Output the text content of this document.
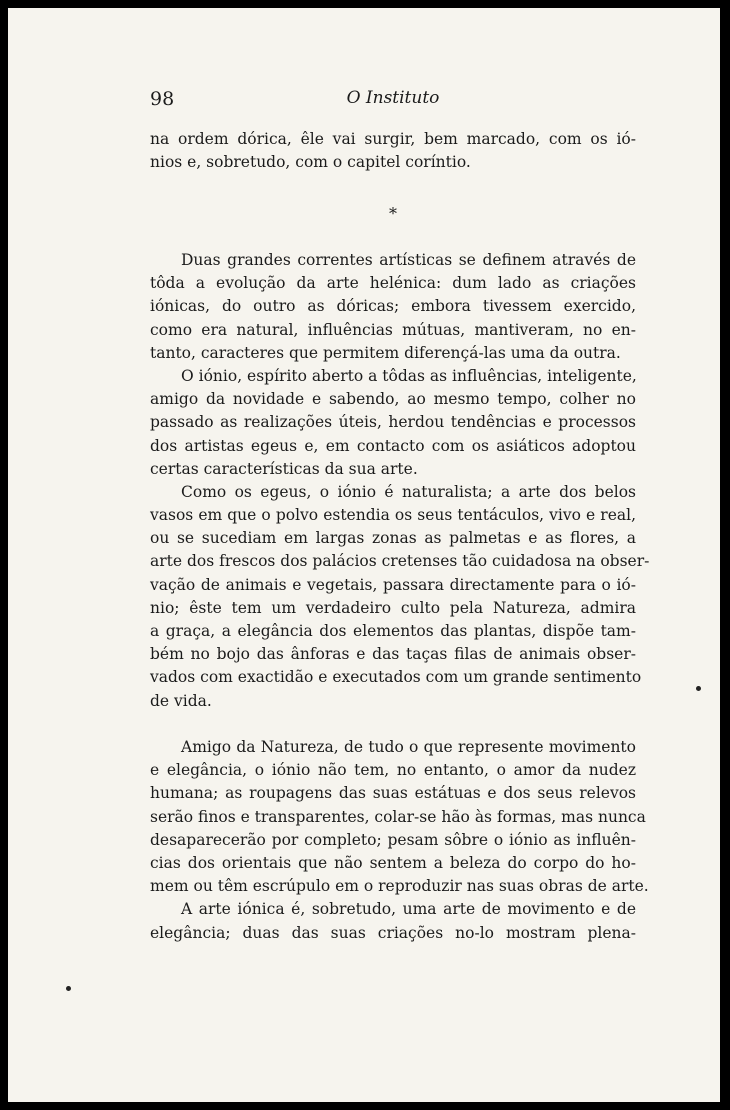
98	O Instituto
na ordem dórica, êle vai surgir, bem marcado, com os ió-
nios e, sobretudo, com o capitel coríntio.
*
Duas grandes correntes artísticas se definem através de
tôda a evolução da arte helénica: dum lado as criações
iónicas, do outro as dóricas; embora tivessem exercido,
como era natural, influências mútuas, mantiveram, no en-
tanto, caracteres que permitem diferençá-las uma da outra.
O iónio, espírito aberto a tôdas as influências, inteligente,
amigo da novidade e sabendo, ao mesmo tempo, colher no
passado as realizações úteis, herdou tendências e processos
dos artistas egeus e, em contacto com os asiáticos adoptou
certas características da sua arte.
Como os egeus, o iónio é naturalista; a arte dos belos
vasos em que o polvo estendia os seus tentáculos, vivo e real,
ou se sucediam em largas zonas as palmetas e as flores, a
arte dos frescos dos palácios cretenses tão cuidadosa na obser-
vação de animais e vegetais, passara directamente para o ió-
nio; êste tem um verdadeiro culto pela Natureza, admira
a graça, a elegância dos elementos das plantas, dispõe tam-
bém no bojo das ânforas e das taças filas de animais obser-
vados com exactidão e executados com um grande sentimento
de vida.
Amigo da Natureza, de tudo o que represente movimento
e elegância, o iónio não tem, no entanto, o amor da nudez
humana; as roupagens das suas estátuas e dos seus relevos
serão finos e transparentes, colar-se hão às formas, mas nunca
desaparecerão por completo; pesam sôbre o iónio as influên-
cias dos orientais que não sentem a beleza do corpo do ho-
mem ou têm escrúpulo em o reproduzir nas suas obras de arte.
A arte iónica é, sobretudo, uma arte de movimento e de
elegância; duas das suas criações no-lo mostram plena-
